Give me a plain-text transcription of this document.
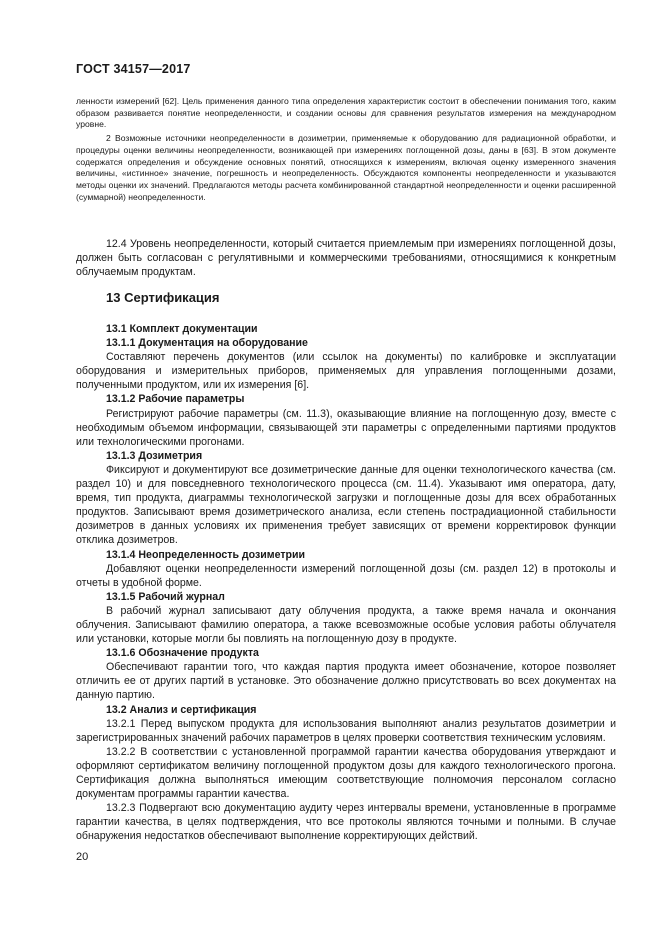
ГОСТ 34157—2017

ленности измерений [62]. Цель применения данного типа определения характеристик состоит в обеспечении понимания того, каким образом развивается понятие неопределенности, и создании основы для сравнения результатов измерения на международном уровне.

2 Возможные источники неопределенности в дозиметрии, применяемые к оборудованию для радиационной обработки, и процедуры оценки величины неопределенности, возникающей при измерениях поглощенной дозы, даны в [63]. В этом документе содержатся определения и обсуждение основных понятий, относящихся к измерениям, включая оценку измеренного значения величины, «истинное» значение, погрешность и неопределенность. Обсуждаются компоненты неопределенности и указываются методы оценки их значений. Предлагаются методы расчета комбинированной стандартной неопределенности и оценки расширенной (суммарной) неопределенности.

12.4 Уровень неопределенности, который считается приемлемым при измерениях поглощенной дозы, должен быть согласован с регулятивными и коммерческими требованиями, относящимися к конкретным облучаемым продуктам.

13 Сертификация

13.1 Комплект документации

13.1.1 Документация на оборудование

Составляют перечень документов (или ссылок на документы) по калибровке и эксплуатации оборудования и измерительных приборов, применяемых для управления поглощенными дозами, полученными продуктом, или их измерения [6].

13.1.2 Рабочие параметры

Регистрируют рабочие параметры (см. 11.3), оказывающие влияние на поглощенную дозу, вместе с необходимым объемом информации, связывающей эти параметры с определенными партиями продуктов или технологическими прогонами.

13.1.3 Дозиметрия

Фиксируют и документируют все дозиметрические данные для оценки технологического качества (см. раздел 10) и для повседневного технологического процесса (см. 11.4). Указывают имя оператора, дату, время, тип продукта, диаграммы технологической загрузки и поглощенные дозы для всех обработанных продуктов. Записывают время дозиметрического анализа, если степень пострадиационной стабильности дозиметров в данных условиях их применения требует зависящих от времени корректировок функции отклика дозиметров.

13.1.4 Неопределенность дозиметрии

Добавляют оценки неопределенности измерений поглощенной дозы (см. раздел 12) в протоколы и отчеты в удобной форме.

13.1.5 Рабочий журнал

В рабочий журнал записывают дату облучения продукта, а также время начала и окончания облучения. Записывают фамилию оператора, а также всевозможные особые условия работы облучателя или установки, которые могли бы повлиять на поглощенную дозу в продукте.

13.1.6 Обозначение продукта

Обеспечивают гарантии того, что каждая партия продукта имеет обозначение, которое позволяет отличить ее от других партий в установке. Это обозначение должно присутствовать во всех документах на данную партию.

13.2 Анализ и сертификация

13.2.1 Перед выпуском продукта для использования выполняют анализ результатов дозиметрии и зарегистрированных значений рабочих параметров в целях проверки соответствия техническим условиям.

13.2.2 В соответствии с установленной программой гарантии качества оборудования утверждают и оформляют сертификатом величину поглощенной продуктом дозы для каждого технологического прогона. Сертификация должна выполняться имеющим соответствующие полномочия персоналом согласно документам программы гарантии качества.

13.2.3 Подвергают всю документацию аудиту через интервалы времени, установленные в программе гарантии качества, в целях подтверждения, что все протоколы являются точными и полными. В случае обнаружения недостатков обеспечивают выполнение корректирующих действий.

20
